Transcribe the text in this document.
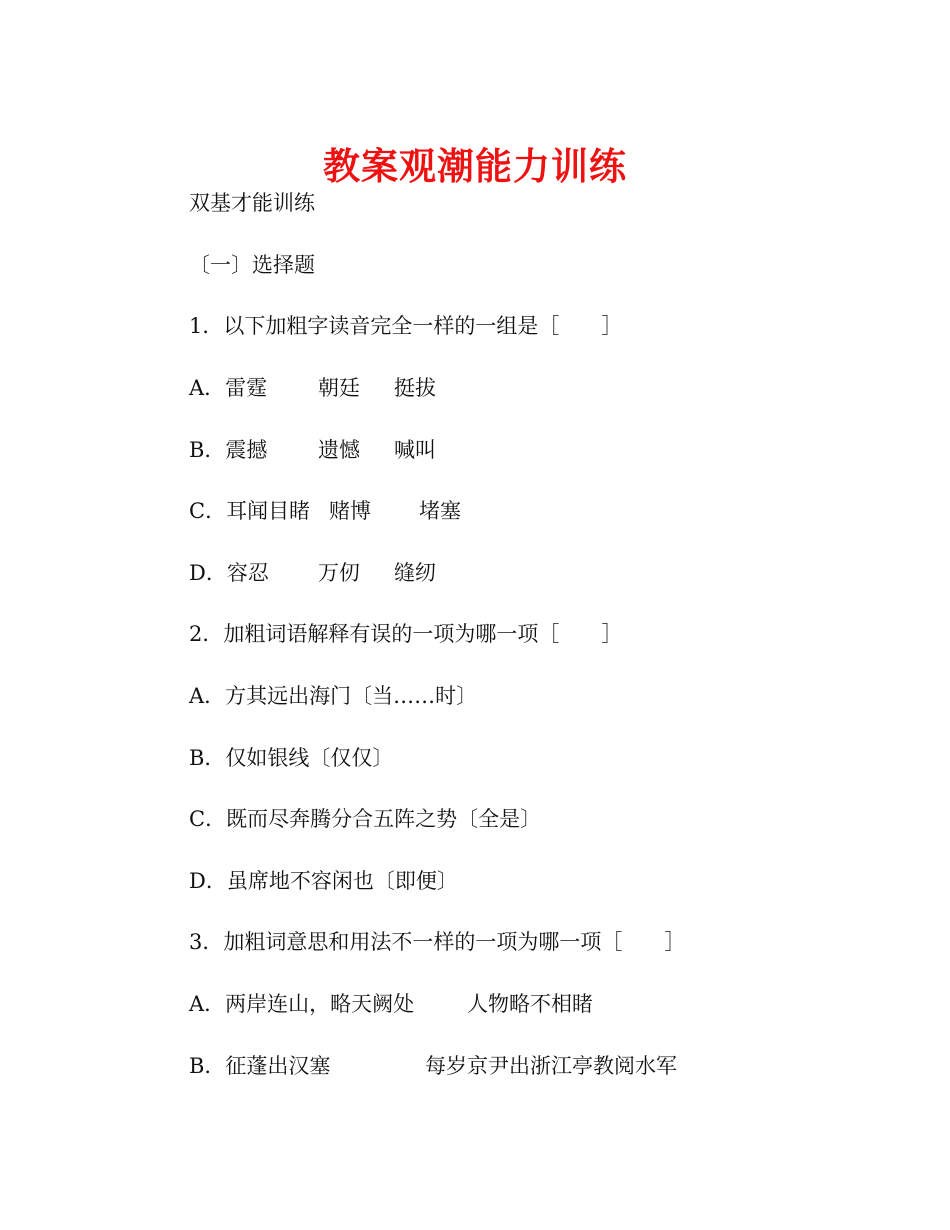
教案观潮能力训练
双基才能训练
〔一〕选择题
1．以下加粗字读音完全一样的一组是［　　］
A．雷霆 朝廷 挺拔
B．震撼 遗憾 喊叫
C．耳闻目睹 赌博 堵塞
D．容忍 万仞 缝纫
2．加粗词语解释有误的一项为哪一项［　　］
A．方其远出海门〔当……时〕
B．仅如银线〔仅仅〕
C．既而尽奔腾分合五阵之势〔全是〕
D．虽席地不容闲也〔即便〕
3．加粗词意思和用法不一样的一项为哪一项［　　］
A．两岸连山，略天阙处	人物略不相睹
B．征蓬出汉塞	每岁京尹出浙江亭教阅水军
